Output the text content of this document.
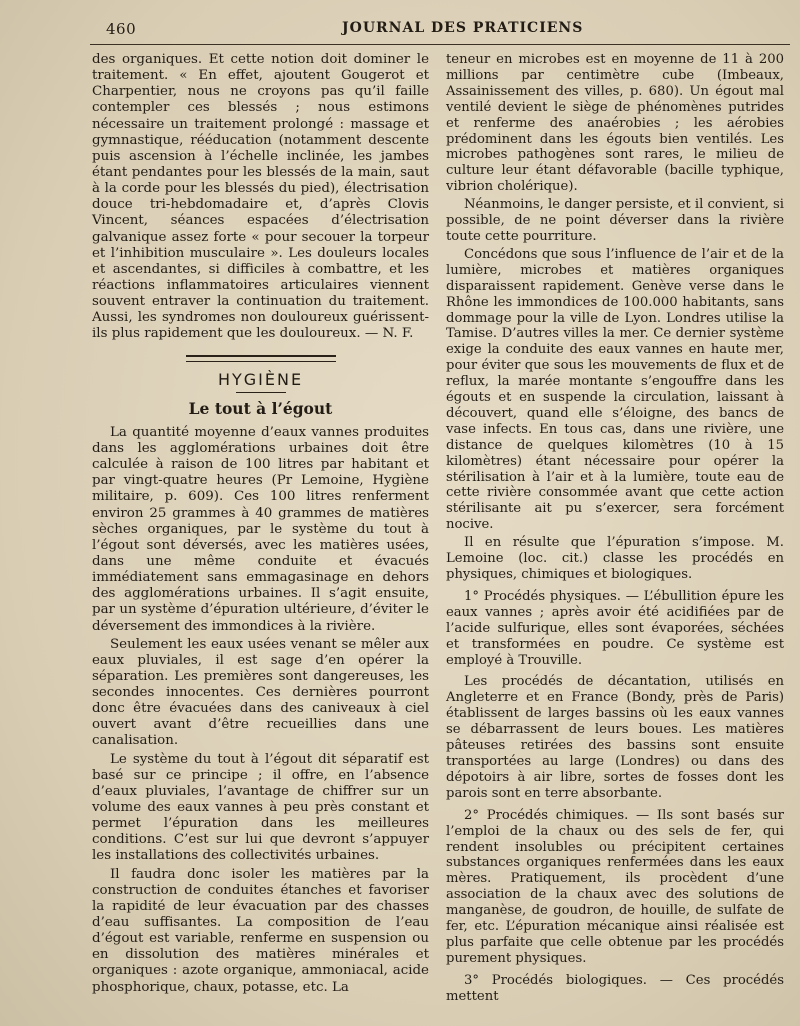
460	JOURNAL DES PRATICIENS

des organiques. Et cette notion doit dominer le traitement. « En effet, ajoutent Gougerot et Charpentier, nous ne croyons pas qu’il faille contempler ces blessés ; nous estimons nécessaire un traitement prolongé : massage et gymnastique, rééducation (notamment descente puis ascension à l’échelle inclinée, les jambes étant pendantes pour les blessés de la main, saut à la corde pour les blessés du pied), électrisation douce tri-hebdomadaire et, d’après Clovis Vincent, séances espacées d’électrisation galvanique assez forte « pour secouer la torpeur et l’inhibition musculaire ». Les douleurs locales et ascendantes, si difficiles à combattre, et les réactions inflammatoires articulaires viennent souvent entraver la continuation du traitement. Aussi, les syndromes non douloureux guérissent-ils plus rapidement que les douloureux. — N. F.

HYGIÈNE
Le tout à l’égout

La quantité moyenne d’eaux vannes produites dans les agglomérations urbaines doit être calculée à raison de 100 litres par habitant et par vingt-quatre heures (Pr Lemoine, Hygiène militaire, p. 609). Ces 100 litres renferment environ 25 grammes à 40 grammes de matières sèches organiques, par le système du tout à l’égout sont déversés, avec les matières usées, dans une même conduite et évacués immédiatement sans emmagasinage en dehors des agglomérations urbaines. Il s’agit ensuite, par un système d’épuration ultérieure, d’éviter le déversement des immondices à la rivière.

Seulement les eaux usées venant se mêler aux eaux pluviales, il est sage d’en opérer la séparation. Les premières sont dangereuses, les secondes innocentes. Ces dernières pourront donc être évacuées dans des caniveaux à ciel ouvert avant d’être recueillies dans une canalisation.

Le système du tout à l’égout dit séparatif est basé sur ce principe ; il offre, en l’absence d’eaux pluviales, l’avantage de chiffrer sur un volume des eaux vannes à peu près constant et permet l’épuration dans les meilleures conditions. C’est sur lui que devront s’appuyer les installations des collectivités urbaines.

Il faudra donc isoler les matières par la construction de conduites étanches et favoriser la rapidité de leur évacuation par des chasses d’eau suffisantes. La composition de l’eau d’égout est variable, renferme en suspension ou en dissolution des matières minérales et organiques : azote organique, ammoniacal, acide phosphorique, chaux, potasse, etc. La

teneur en microbes est en moyenne de 11 à 200 millions par centimètre cube (Imbeaux, Assainissement des villes, p. 680). Un égout mal ventilé devient le siège de phénomènes putrides et renferme des anaérobies ; les aérobies prédominent dans les égouts bien ventilés. Les microbes pathogènes sont rares, le milieu de culture leur étant défavorable (bacille typhique, vibrion cholérique).

Néanmoins, le danger persiste, et il convient, si possible, de ne point déverser dans la rivière toute cette pourriture.

Concédons que sous l’influence de l’air et de la lumière, microbes et matières organiques disparaissent rapidement. Genève verse dans le Rhône les immondices de 100.000 habitants, sans dommage pour la ville de Lyon. Londres utilise la Tamise. D’autres villes la mer. Ce dernier système exige la conduite des eaux vannes en haute mer, pour éviter que sous les mouvements de flux et de reflux, la marée montante s’engouffre dans les égouts et en suspende la circulation, laissant à découvert, quand elle s’éloigne, des bancs de vase infects. En tous cas, dans une rivière, une distance de quelques kilomètres (10 à 15 kilomètres) étant nécessaire pour opérer la stérilisation à l’air et à la lumière, toute eau de cette rivière consommée avant que cette action stérilisante ait pu s’exercer, sera forcément nocive.

Il en résulte que l’épuration s’impose. M. Lemoine (loc. cit.) classe les procédés en physiques, chimiques et biologiques.

1° Procédés physiques. — L’ébullition épure les eaux vannes ; après avoir été acidifiées par de l’acide sulfurique, elles sont évaporées, séchées et transformées en poudre. Ce système est employé à Trouville.

Les procédés de décantation, utilisés en Angleterre et en France (Bondy, près de Paris) établissent de larges bassins où les eaux vannes se débarrassent de leurs boues. Les matières pâteuses retirées des bassins sont ensuite transportées au large (Londres) ou dans des dépotoirs à air libre, sortes de fosses dont les parois sont en terre absorbante.

2° Procédés chimiques. — Ils sont basés sur l’emploi de la chaux ou des sels de fer, qui rendent insolubles ou précipitent certaines substances organiques renfermées dans les eaux mères. Pratiquement, ils procèdent d’une association de la chaux avec des solutions de manganèse, de goudron, de houille, de sulfate de fer, etc. L’épuration mécanique ainsi réalisée est plus parfaite que celle obtenue par les procédés purement physiques.

3° Procédés biologiques. — Ces procédés mettent
